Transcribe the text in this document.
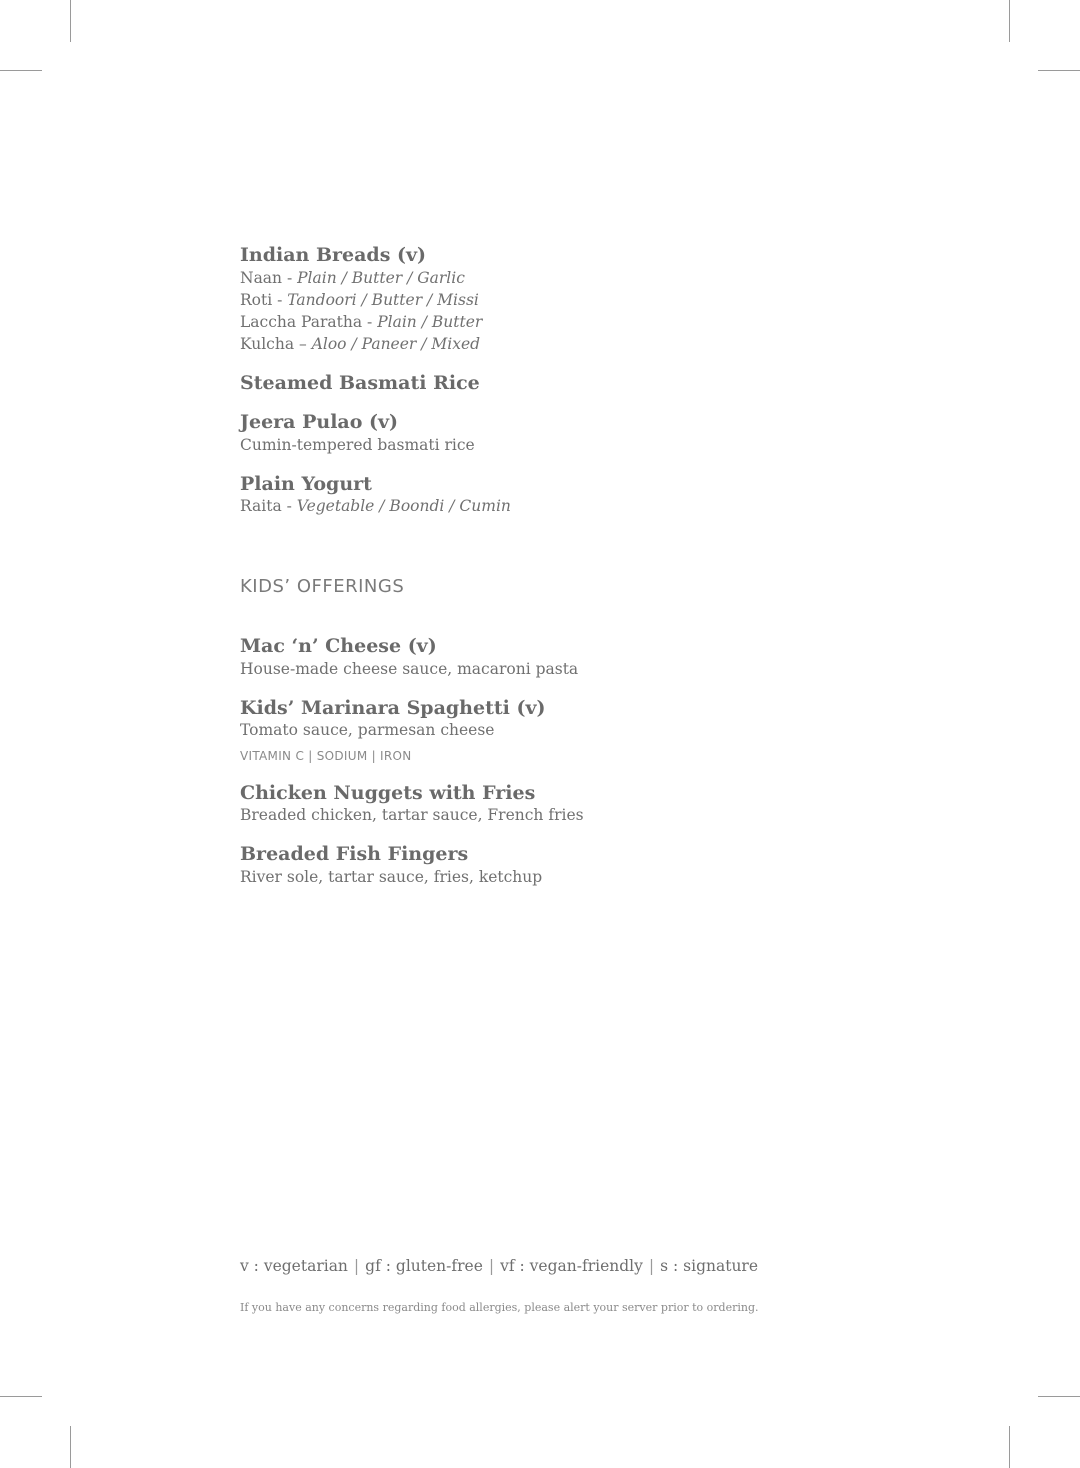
Indian Breads (v)
Naan - Plain / Butter / Garlic
Roti - Tandoori / Butter / Missi
Laccha Paratha - Plain / Butter
Kulcha – Aloo / Paneer / Mixed
Steamed Basmati Rice
Jeera Pulao (v)
Cumin-tempered basmati rice
Plain Yogurt
Raita - Vegetable / Boondi / Cumin
KIDS’ OFFERINGS
Mac ‘n’ Cheese (v)
House-made cheese sauce, macaroni pasta
Kids’ Marinara Spaghetti (v)
Tomato sauce, parmesan cheese
VITAMIN C | SODIUM | IRON
Chicken Nuggets with Fries
Breaded chicken, tartar sauce, French fries
Breaded Fish Fingers
River sole, tartar sauce, fries, ketchup
v : vegetarian | gf : gluten-free | vf : vegan-friendly | s : signature
If you have any concerns regarding food allergies, please alert your server prior to ordering.
